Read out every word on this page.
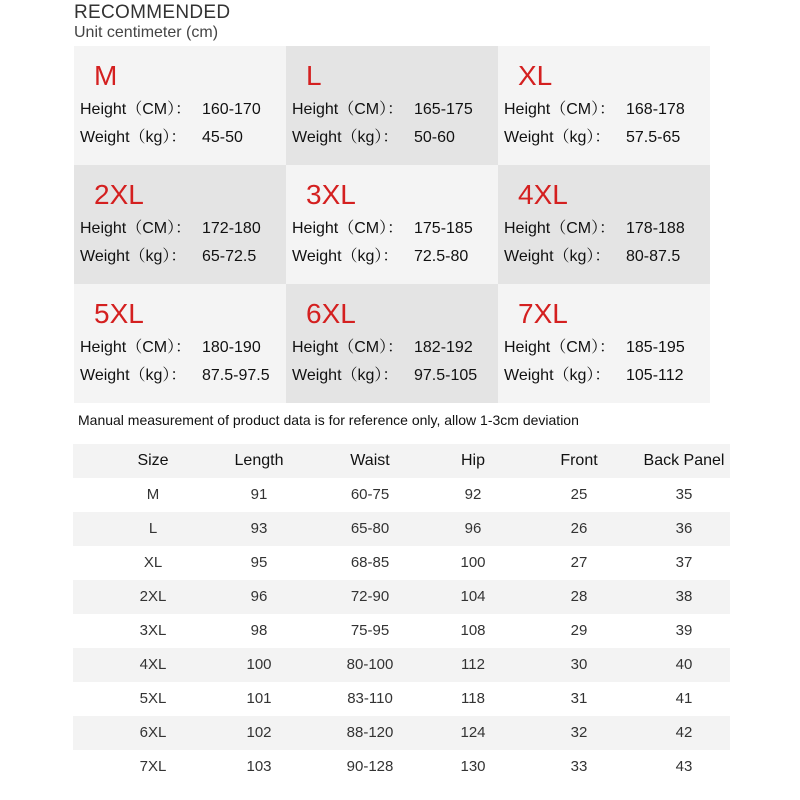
RECOMMENDED
Unit centimeter (cm)
M
Height（CM）： 160-170
Weight（kg）： 45-50
L
Height（CM）： 165-175
Weight（kg）： 50-60
XL
Height（CM）： 168-178
Weight（kg）： 57.5-65
2XL
Height（CM）： 172-180
Weight（kg）： 65-72.5
3XL
Height（CM）： 175-185
Weight（kg）： 72.5-80
4XL
Height（CM）： 178-188
Weight（kg）： 80-87.5
5XL
Height（CM）： 180-190
Weight（kg）： 87.5-97.5
6XL
Height（CM）： 182-192
Weight（kg）： 97.5-105
7XL
Height（CM）： 185-195
Weight（kg）： 105-112
Manual measurement of product data is for reference only, allow 1-3cm deviation
Size	Length	Waist	Hip	Front	Back Panel
M	91	60-75	92	25	35
L	93	65-80	96	26	36
XL	95	68-85	100	27	37
2XL	96	72-90	104	28	38
3XL	98	75-95	108	29	39
4XL	100	80-100	112	30	40
5XL	101	83-110	118	31	41
6XL	102	88-120	124	32	42
7XL	103	90-128	130	33	43
